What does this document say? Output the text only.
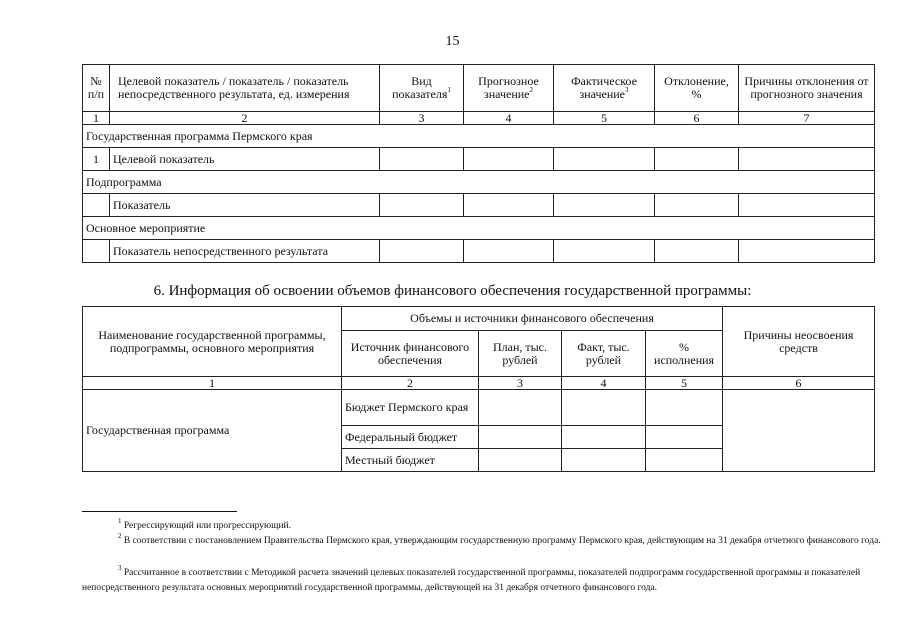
15
№ п/п	Целевой показатель / показатель / показатель непосредственного результата, ед. измерения	Вид показателя$^1$	Прогнозное значение$^2$	Фактическое значение$^3$	Отклонение, %	Причины отклонения от прогнозного значения
1	2	3	4	5	6	7
Государственная программа Пермского края						
1	Целевой показатель					
Подпрограмма						
	Показатель					
Основное мероприятие						
	Показатель непосредственного результата					
6. Информация об освоении объемов финансового обеспечения государственной программы:
Наименование государственной программы, подпрограммы, основного мероприятия	Объемы и источники финансового обеспечения				Причины неосвоения средств
	Источник финансового обеспечения	План, тыс. рублей	Факт, тыс. рублей	% исполнения	
1	2	3	4	5	6
Государственная программа	Бюджет Пермского края				
	Федеральный бюджет				
	Местный бюджет				
$^1$ Регрессирующий или прогрессирующий.
$^2$ В соответствии с постановлением Правительства Пермского края, утверждающим государственную программу Пермского края, действующим на 31 декабря отчетного финансового года.
$^3$ Рассчитанное в соответствии с Методикой расчета значений целевых показателей государственной программы, показателей подпрограмм государственной программы и показателей непосредственного результата основных мероприятий государственной программы, действующей на 31 декабря отчетного финансового года.
